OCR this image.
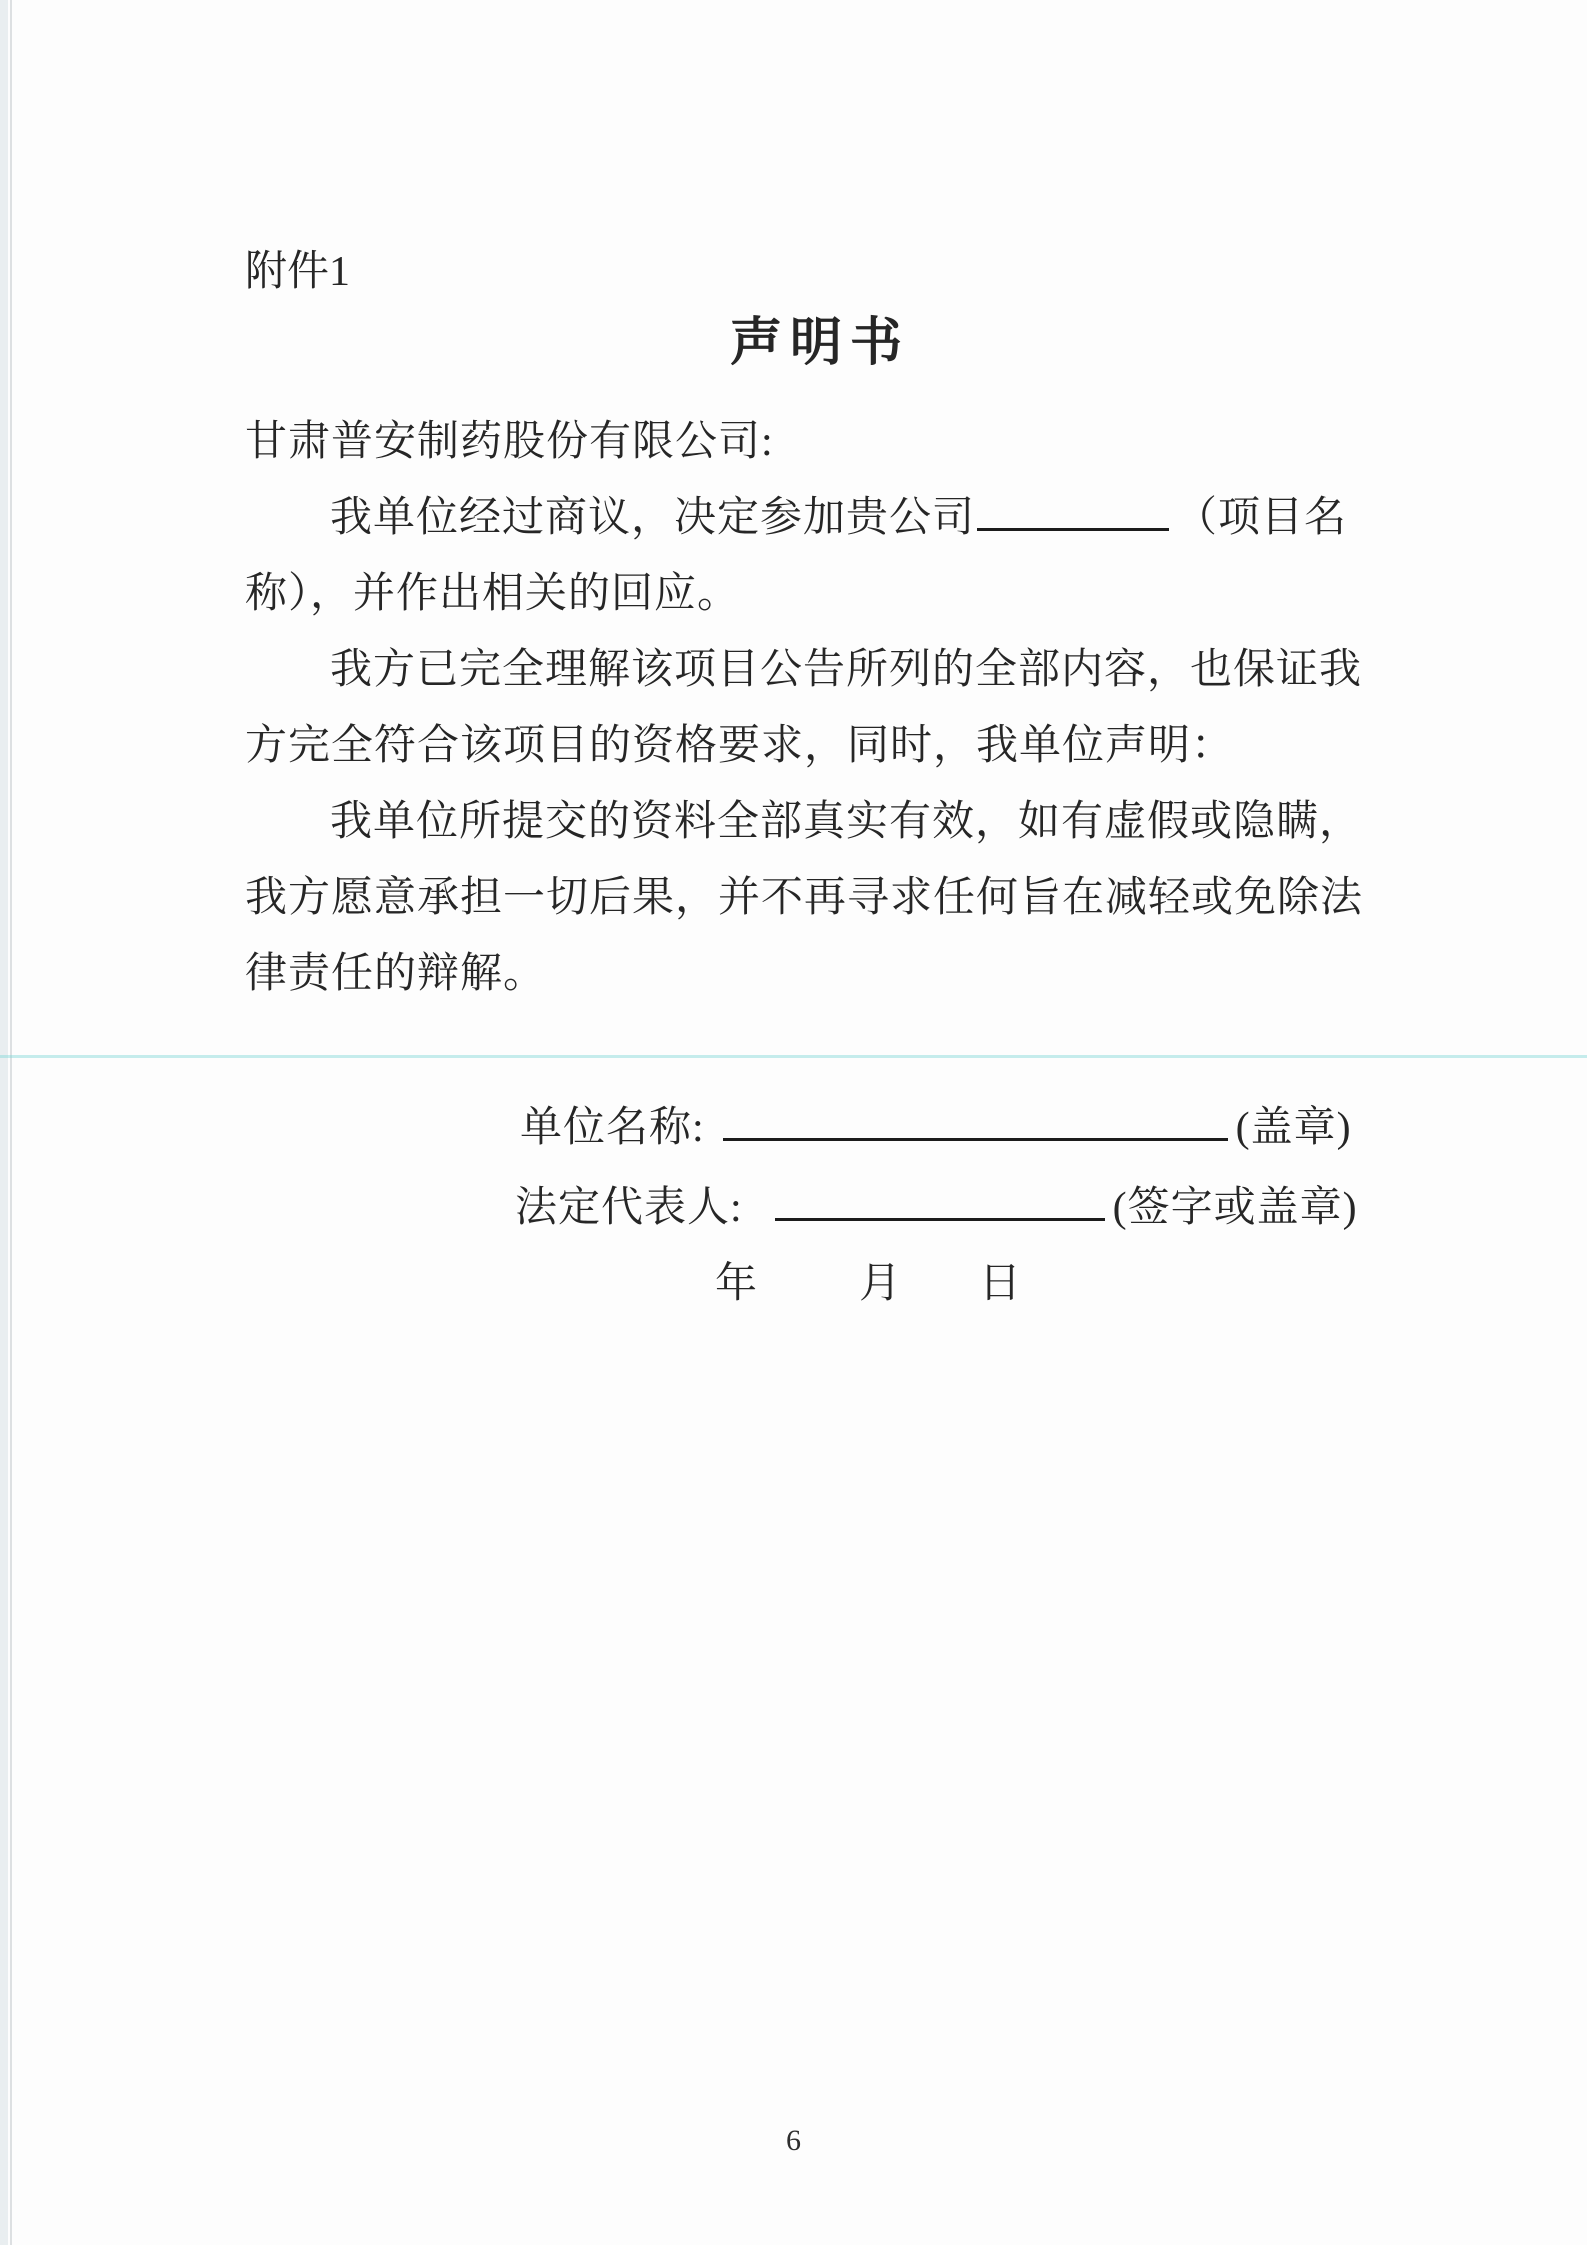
附件1
声明书
甘肃普安制药股份有限公司:
我单位经过商议，决定参加贵公司	（项目名
称），并作出相关的回应。
我方已完全理解该项目公告所列的全部内容，也保证我
方完全符合该项目的资格要求，同时，我单位声明：
我单位所提交的资料全部真实有效，如有虚假或隐瞒，
我方愿意承担一切后果，并不再寻求任何旨在减轻或免除法
律责任的辩解。
单位名称:	(盖章)
法定代表人:	(签字或盖章)
年 月 日
6
